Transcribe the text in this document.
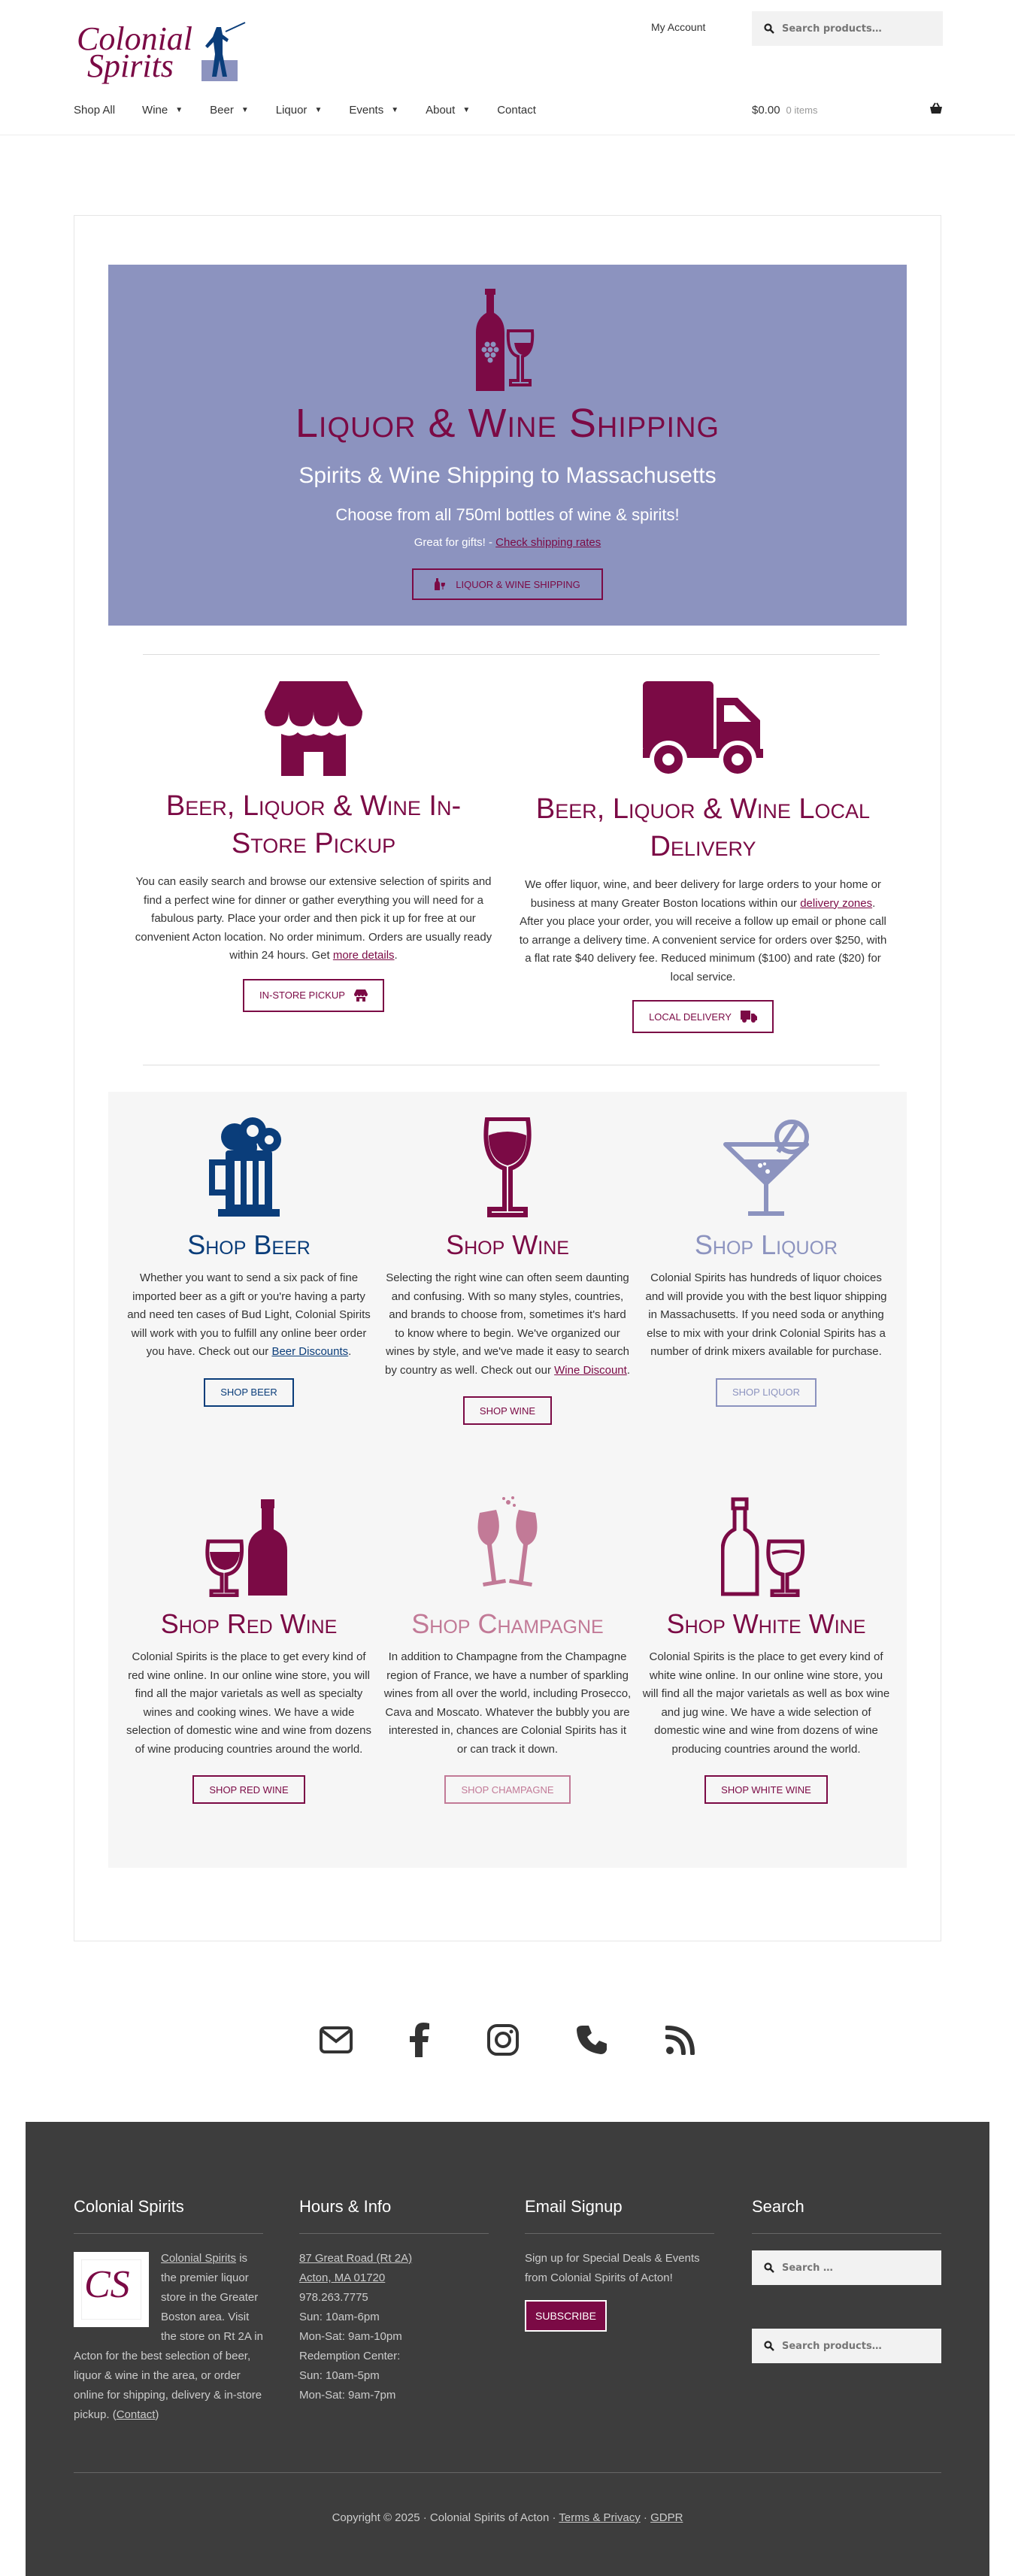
Colonial
Spirits
My Account
Search products…
Shop All Wine ▼ Beer ▼ Liquor ▼ Events ▼ About ▼ Contact	$0.00 0 items
Liquor & Wine Shipping
Spirits & Wine Shipping to Massachusetts
Choose from all 750ml bottles of wine & spirits!
Great for gifts! - Check shipping rates
LIQUOR & WINE SHIPPING
Beer, Liquor & Wine In-Store Pickup

You can easily search and browse our extensive selection of spirits and find a perfect wine for dinner or gather everything you will need for a fabulous party. Place your order and then pick it up for free at our convenient Acton location. No order minimum. Orders are usually ready within 24 hours. Get more details.

IN-STORE PICKUP
Beer, Liquor & Wine Local Delivery

We offer liquor, wine, and beer delivery for large orders to your home or business at many Greater Boston locations within our delivery zones. After you place your order, you will receive a follow up email or phone call to arrange a delivery time. A convenient service for orders over $250, with a flat rate $40 delivery fee. Reduced minimum ($100) and rate ($20) for local service.

LOCAL DELIVERY
Shop Beer

Whether you want to send a six pack of fine imported beer as a gift or you're having a party and need ten cases of Bud Light, Colonial Spirits will work with you to fulfill any online beer order you have. Check out our Beer Discounts.

SHOP BEER
Shop Wine

Selecting the right wine can often seem daunting and confusing. With so many styles, countries, and brands to choose from, sometimes it's hard to know where to begin. We've organized our wines by style, and we've made it easy to search by country as well. Check out our Wine Discount.

SHOP WINE
Shop Liquor

Colonial Spirits has hundreds of liquor choices and will provide you with the best liquor shipping in Massachusetts. If you need soda or anything else to mix with your drink Colonial Spirits has a number of drink mixers available for purchase.

SHOP LIQUOR
Shop Red Wine

Colonial Spirits is the place to get every kind of red wine online. In our online wine store, you will find all the major varietals as well as specialty wines and cooking wines. We have a wide selection of domestic wine and wine from dozens of wine producing countries around the world.

SHOP RED WINE
Shop Champagne

In addition to Champagne from the Champagne region of France, we have a number of sparkling wines from all over the world, including Prosecco, Cava and Moscato. Whatever the bubbly you are interested in, chances are Colonial Spirits has it or can track it down.

SHOP CHAMPAGNE
Shop White Wine

Colonial Spirits is the place to get every kind of white wine online. In our online wine store, you will find all the major varietals as well as box wine and jug wine. We have a wide selection of domestic wine and wine from dozens of wine producing countries around the world.

SHOP WHITE WINE
Colonial Spirits
CS
Colonial Spirits is the premier liquor store in the Greater Boston area. Visit the store on Rt 2A in Acton for the best selection of beer, liquor & wine in the area, or order online for shipping, delivery & in-store pickup. (Contact)
Hours & Info
87 Great Road (Rt 2A)
Acton, MA 01720
978.263.7775
Sun: 10am-6pm
Mon-Sat: 9am-10pm
Redemption Center:
Sun: 10am-5pm
Mon-Sat: 9am-7pm
Email Signup
Sign up for Special Deals & Events from Colonial Spirits of Acton!
SUBSCRIBE
Search
Search …
Search products…
Copyright © 2025 · Colonial Spirits of Acton · Terms & Privacy · GDPR
